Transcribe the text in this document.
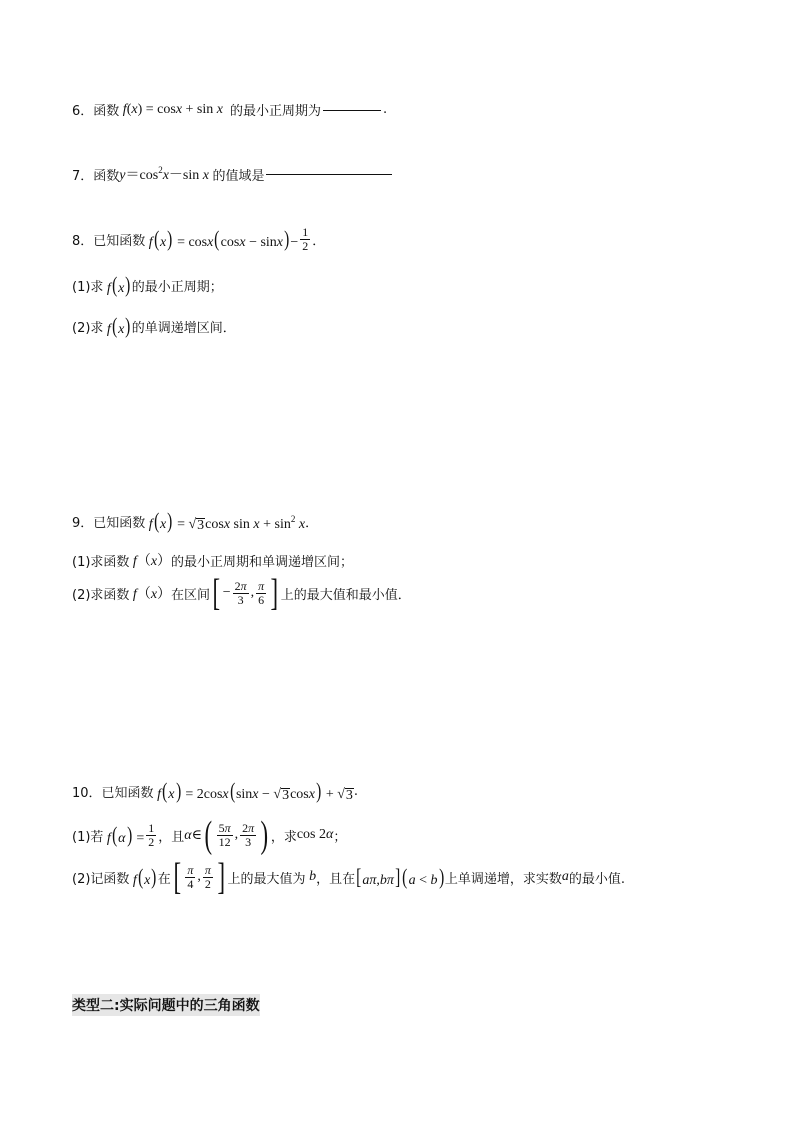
6． 函数 f(x) = cosx + sin x 的最小正周期为	.
7． 函数 $y=\cos^2x-\sin$ x 的值域是
8． 已知函数 $f(x) = \cos x(\cos x - \sin x)- \frac{1}{2}$ ．
(1)求 f(x) 的最小正周期；
(2)求 f(x) 的单调递增区间．
9． 已知函数 f(x) = √ 3 cosx $\sin x + \sin^2 x$ ．
(1)求函数 f（x） 的最小正周期和单调递增区间；
(2)求函数 f（x） 在区间 [ − $\frac{2\pi}{3}$ , $\frac{\pi}{6}$ ] 上的最大值和最小值．
10． 已知函数 f(x) = 2cosx(sinx − √ 3 cosx) + √ 3 .
(1)若 $f(\alpha) = \frac{1}{2}$ ，且 α∈ ( $\frac{5\pi}{12}$ , $\frac{2\pi}{3}$ ) ，求 cos 2α ；
(2)记函数 f(x) 在 [ $\frac{\pi}{4}$ , $\frac{\pi}{2}$ ] 上的最大值为 b ，且在 [aπ,bπ](a < b) 上单调递增，求实数 a 的最小值.
类型二:实际问题中的三角函数
